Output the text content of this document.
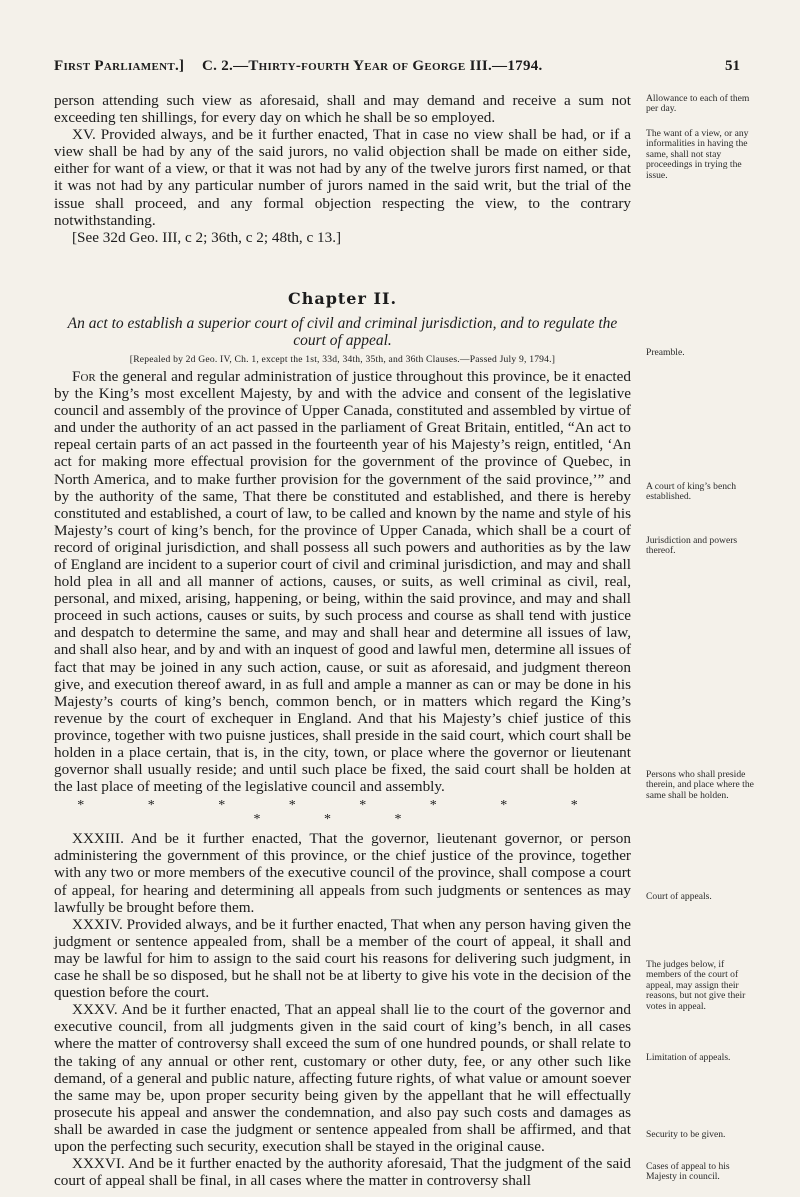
First Parliament.] C. 2.—Thirty-fourth Year of George III.—1794.	51

person attending such view as aforesaid, shall and may demand and receive a sum not exceeding ten shillings, for every day on which he shall be so employed.

XV. Provided always, and be it further enacted, That in case no view shall be had, or if a view shall be had by any of the said jurors, no valid objection shall be made on either side, either for want of a view, or that it was not had by any of the twelve jurors first named, or that it was not had by any particular number of jurors named in the said writ, but the trial of the issue shall proceed, and any formal objection respecting the view, to the contrary notwithstanding.

[See 32d Geo. III, c 2; 36th, c 2; 48th, c 13.]

Chapter II.
An act to establish a superior court of civil and criminal jurisdiction, and to regulate the court of appeal.
[Repealed by 2d Geo. IV, Ch. 1, except the 1st, 33d, 34th, 35th, and 36th Clauses.—Passed July 9, 1794.]

For the general and regular administration of justice throughout this province, be it enacted by the King’s most excellent Majesty, by and with the advice and consent of the legislative council and assembly of the province of Upper Canada, constituted and assembled by virtue of and under the authority of an act passed in the parliament of Great Britain, entitled, “An act to repeal certain parts of an act passed in the fourteenth year of his Majesty’s reign, entitled, ‘An act for making more effectual provision for the government of the province of Quebec, in North America, and to make further provision for the government of the said province,’” and by the authority of the same, That there be constituted and established, and there is hereby constituted and established, a court of law, to be called and known by the name and style of his Majesty’s court of king’s bench, for the province of Upper Canada, which shall be a court of record of original jurisdiction, and shall possess all such powers and authorities as by the law of England are incident to a superior court of civil and criminal jurisdiction, and may and shall hold plea in all and all manner of actions, causes, or suits, as well criminal as civil, real, personal, and mixed, arising, happening, or being, within the said province, and may and shall proceed in such actions, causes or suits, by such process and course as shall tend with justice and despatch to determine the same, and may and shall hear and determine all issues of law, and shall also hear, and by and with an inquest of good and lawful men, determine all issues of fact that may be joined in any such action, cause, or suit as aforesaid, and judgment thereon give, and execution thereof award, in as full and ample a manner as can or may be done in his Majesty’s courts of king’s bench, common bench, or in matters which regard the King’s revenue by the court of exchequer in England. And that his Majesty’s chief justice of this province, together with two puisne justices, shall preside in the said court, which court shall be holden in a place certain, that is, in the city, town, or place where the governor or lieutenant governor shall usually reside; and until such place be fixed, the said court shall be holden at the last place of meeting of the legislative council and assembly.

* * * * * * * * * * *

XXXIII. And be it further enacted, That the governor, lieutenant governor, or person administering the government of this province, or the chief justice of the province, together with any two or more members of the executive council of the province, shall compose a court of appeal, for hearing and determining all appeals from such judgments or sentences as may lawfully be brought before them.

XXXIV. Provided always, and be it further enacted, That when any person having given the judgment or sentence appealed from, shall be a member of the court of appeal, it shall and may be lawful for him to assign to the said court his reasons for delivering such judgment, in case he shall be so disposed, but he shall not be at liberty to give his vote in the decision of the question before the court.

XXXV. And be it further enacted, That an appeal shall lie to the court of the governor and executive council, from all judgments given in the said court of king’s bench, in all cases where the matter of controversy shall exceed the sum of one hundred pounds, or shall relate to the taking of any annual or other rent, customary or other duty, fee, or any other such like demand, of a general and public nature, affecting future rights, of what value or amount soever the same may be, upon proper security being given by the appellant that he will effectually prosecute his appeal and answer the condemnation, and also pay such costs and damages as shall be awarded in case the judgment or sentence appealed from shall be affirmed, and that upon the perfecting such security, execution shall be stayed in the original cause.

XXXVI. And be it further enacted by the authority aforesaid, That the judgment of the said court of appeal shall be final, in all cases where the matter in controversy shall

Allowance to each of them per day.
The want of a view, or any informalities in having the same, shall not stay proceedings in trying the issue.
Preamble.
A court of king’s bench established.
Jurisdiction and powers thereof.
Persons who shall preside therein, and place where the same shall be holden.
Court of appeals.
The judges below, if members of the court of appeal, may assign their reasons, but not give their votes in appeal.
Limitation of appeals.
Security to be given.
Cases of appeal to his Majesty in council.
